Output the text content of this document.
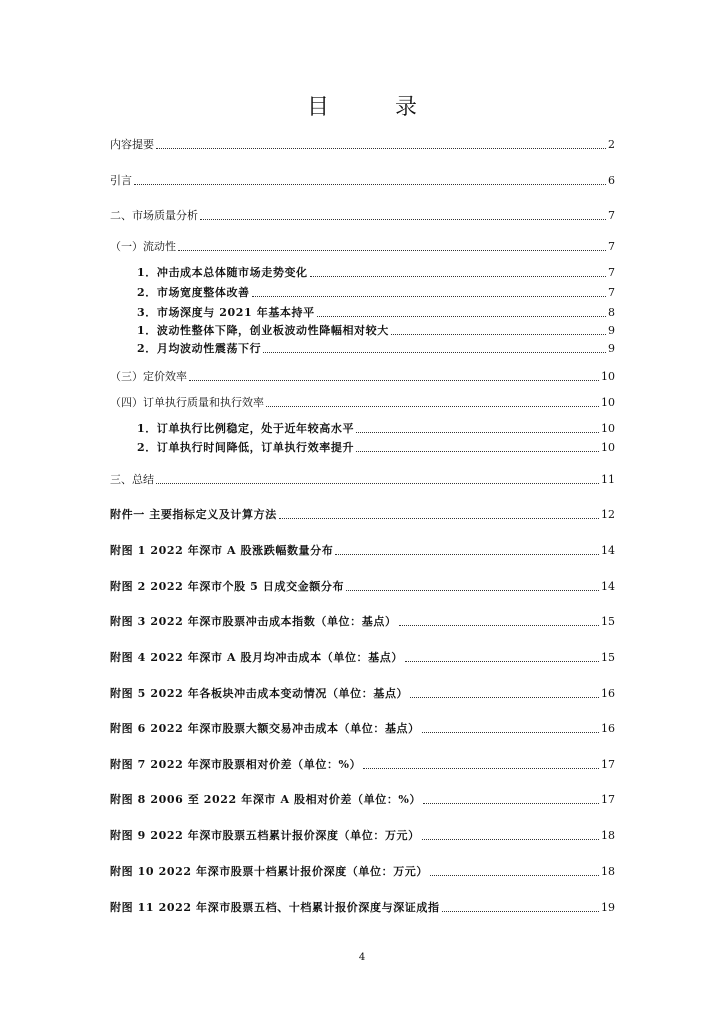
目　录
内容提要	2
引言	6
二、市场质量分析	7
（一）流动性	7
1．冲击成本总体随市场走势变化	7
2．市场宽度整体改善	7
3．市场深度与 2021 年基本持平	8
1．波动性整体下降，创业板波动性降幅相对较大	9
2．月均波动性震荡下行	9
（三）定价效率	10
（四）订单执行质量和执行效率	10
1．订单执行比例稳定，处于近年较高水平	10
2．订单执行时间降低，订单执行效率提升	10
三、总结	11
附件一 主要指标定义及计算方法	12
附图 1 2022 年深市 A 股涨跌幅数量分布	14
附图 2 2022 年深市个股 5 日成交金额分布	14
附图 3 2022 年深市股票冲击成本指数（单位：基点）	15
附图 4 2022 年深市 A 股月均冲击成本（单位：基点）	15
附图 5 2022 年各板块冲击成本变动情况（单位：基点）	16
附图 6 2022 年深市股票大额交易冲击成本（单位：基点）	16
附图 7 2022 年深市股票相对价差（单位：%）	17
附图 8 2006 至 2022 年深市 A 股相对价差（单位：%）	17
附图 9 2022 年深市股票五档累计报价深度（单位：万元）	18
附图 10 2022 年深市股票十档累计报价深度（单位：万元）	18
附图 11 2022 年深市股票五档、十档累计报价深度与深证成指	19
4
